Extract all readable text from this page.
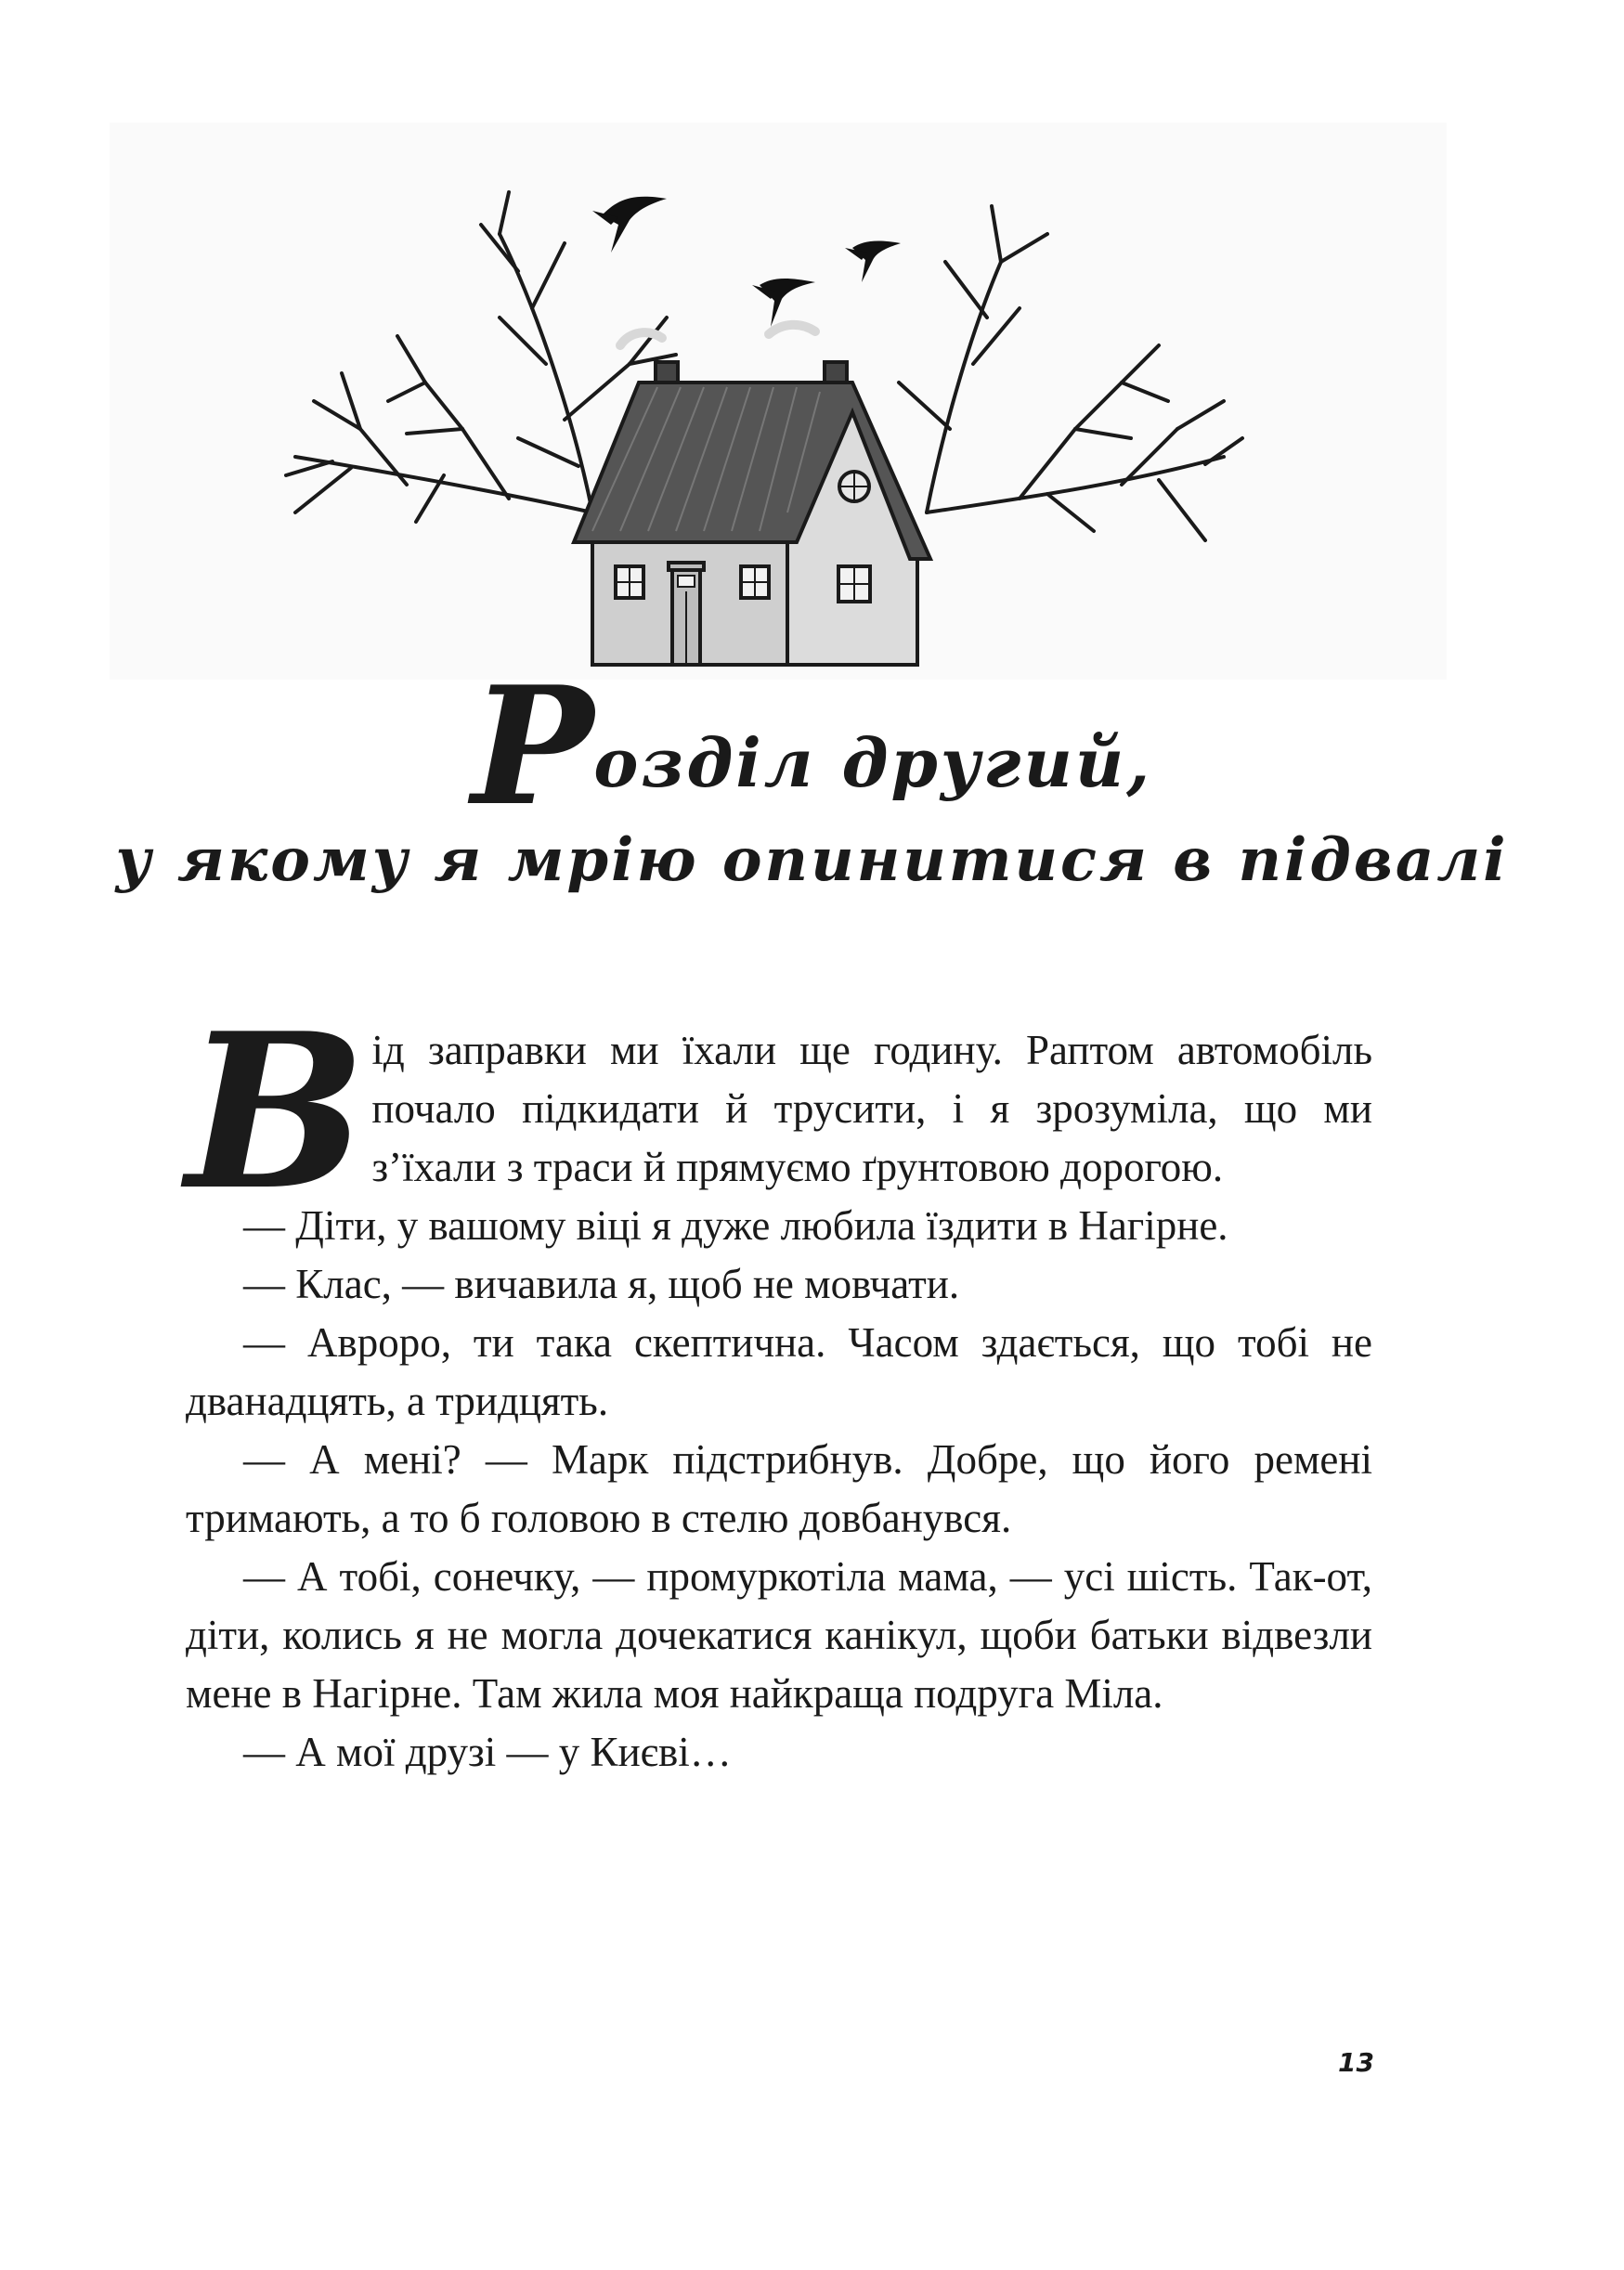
Розділ другий,
у якому я мрію опинитися в підвалі

Від заправки ми їхали ще годину. Раптом автомобіль почало підкидати й трусити, і я зрозуміла, що ми з’їхали з траси й прямуємо ґрунтовою дорогою.

— Діти, у вашому віці я дуже любила їздити в Нагірне.

— Клас, — вичавила я, щоб не мовчати.

— Авроро, ти така скептична. Часом здається, що тобі не дванадцять, а тридцять.

— А мені? — Марк підстрибнув. Добре, що його ремені тримають, а то б головою в стелю довбанувся.

— А тобі, сонечку, — промуркотіла мама, — усі шість. Так-от, діти, колись я не могла дочекатися канікул, щоби батьки відвезли мене в Нагірне. Там жила моя найкраща подруга Міла.

— А мої друзі — у Києві…

13
